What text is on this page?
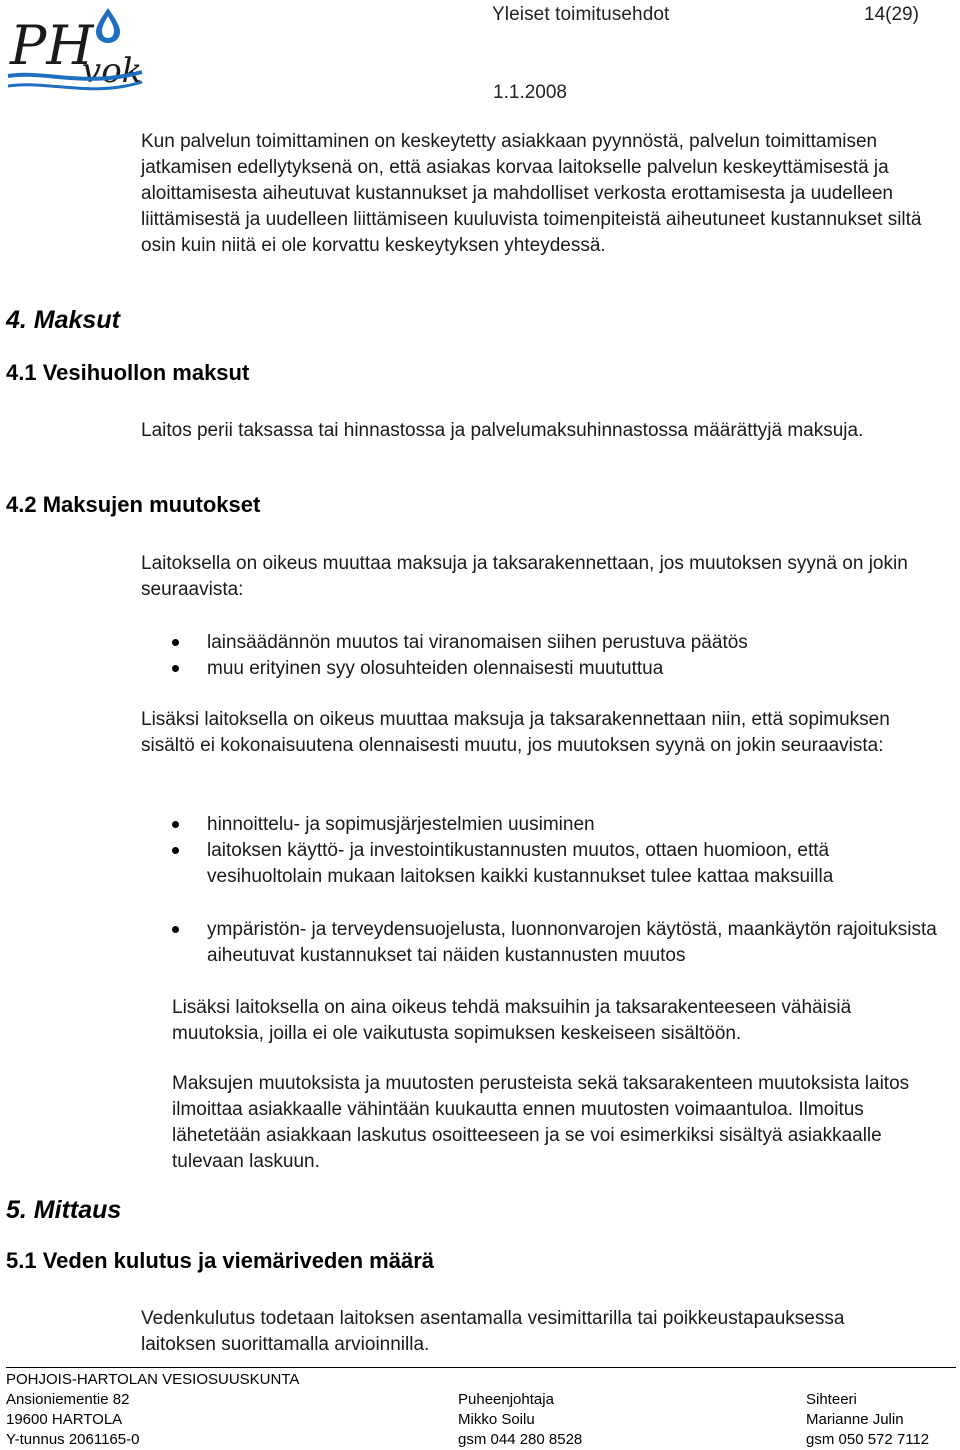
PH
vok
Yleiset toimitusehdot	14(29)
1.1.2008
Kun palvelun toimittaminen on keskeytetty asiakkaan pyynnöstä, palvelun toimittamisen jatkamisen edellytyksenä on, että asiakas korvaa laitokselle palvelun keskeyttämisestä ja aloittamisesta aiheutuvat kustannukset ja mahdolliset verkosta erottamisesta ja uudelleen liittämisestä ja uudelleen liittämiseen kuuluvista toimenpiteistä aiheutuneet kustannukset siltä osin kuin niitä ei ole korvattu keskeytyksen yhteydessä.
4. Maksut
4.1 Vesihuollon maksut
Laitos perii taksassa tai hinnastossa ja palvelumaksuhinnastossa määrättyjä maksuja.
4.2 Maksujen muutokset
Laitoksella on oikeus muuttaa maksuja ja taksarakennettaan, jos muutoksen syynä on jokin seuraavista:
lainsäädännön muutos tai viranomaisen siihen perustuva päätös
muu erityinen syy olosuhteiden olennaisesti muututtua
Lisäksi laitoksella on oikeus muuttaa maksuja ja taksarakennettaan niin, että sopimuksen sisältö ei kokonaisuutena olennaisesti muutu, jos muutoksen syynä on jokin seuraavista:
hinnoittelu- ja sopimusjärjestelmien uusiminen
laitoksen käyttö- ja investointikustannusten muutos, ottaen huomioon, että vesihuoltolain mukaan laitoksen kaikki kustannukset tulee kattaa maksuilla
ympäristön- ja terveydensuojelusta, luonnonvarojen käytöstä, maankäytön rajoituksista aiheutuvat kustannukset tai näiden kustannusten muutos
Lisäksi laitoksella on aina oikeus tehdä maksuihin ja taksarakenteeseen vähäisiä muutoksia, joilla ei ole vaikutusta sopimuksen keskeiseen sisältöön.
Maksujen muutoksista ja muutosten perusteista sekä taksarakenteen muutoksista laitos ilmoittaa asiakkaalle vähintään kuukautta ennen muutosten voimaantuloa. Ilmoitus lähetetään asiakkaan laskutus osoitteeseen ja se voi esimerkiksi sisältyä asiakkaalle tulevaan laskuun.
5. Mittaus
5.1 Veden kulutus ja viemäriveden määrä
Vedenkulutus todetaan laitoksen asentamalla vesimittarilla tai poikkeustapauksessa laitoksen suorittamalla arvioinnilla.
POHJOIS-HARTOLAN VESIOSUUSKUNTA
Ansioniementie 82
19600 HARTOLA
Y-tunnus 2061165-0
Puheenjohtaja
Mikko Soilu
gsm 044 280 8528
Sihteeri
Marianne Julin
gsm 050 572 7112
